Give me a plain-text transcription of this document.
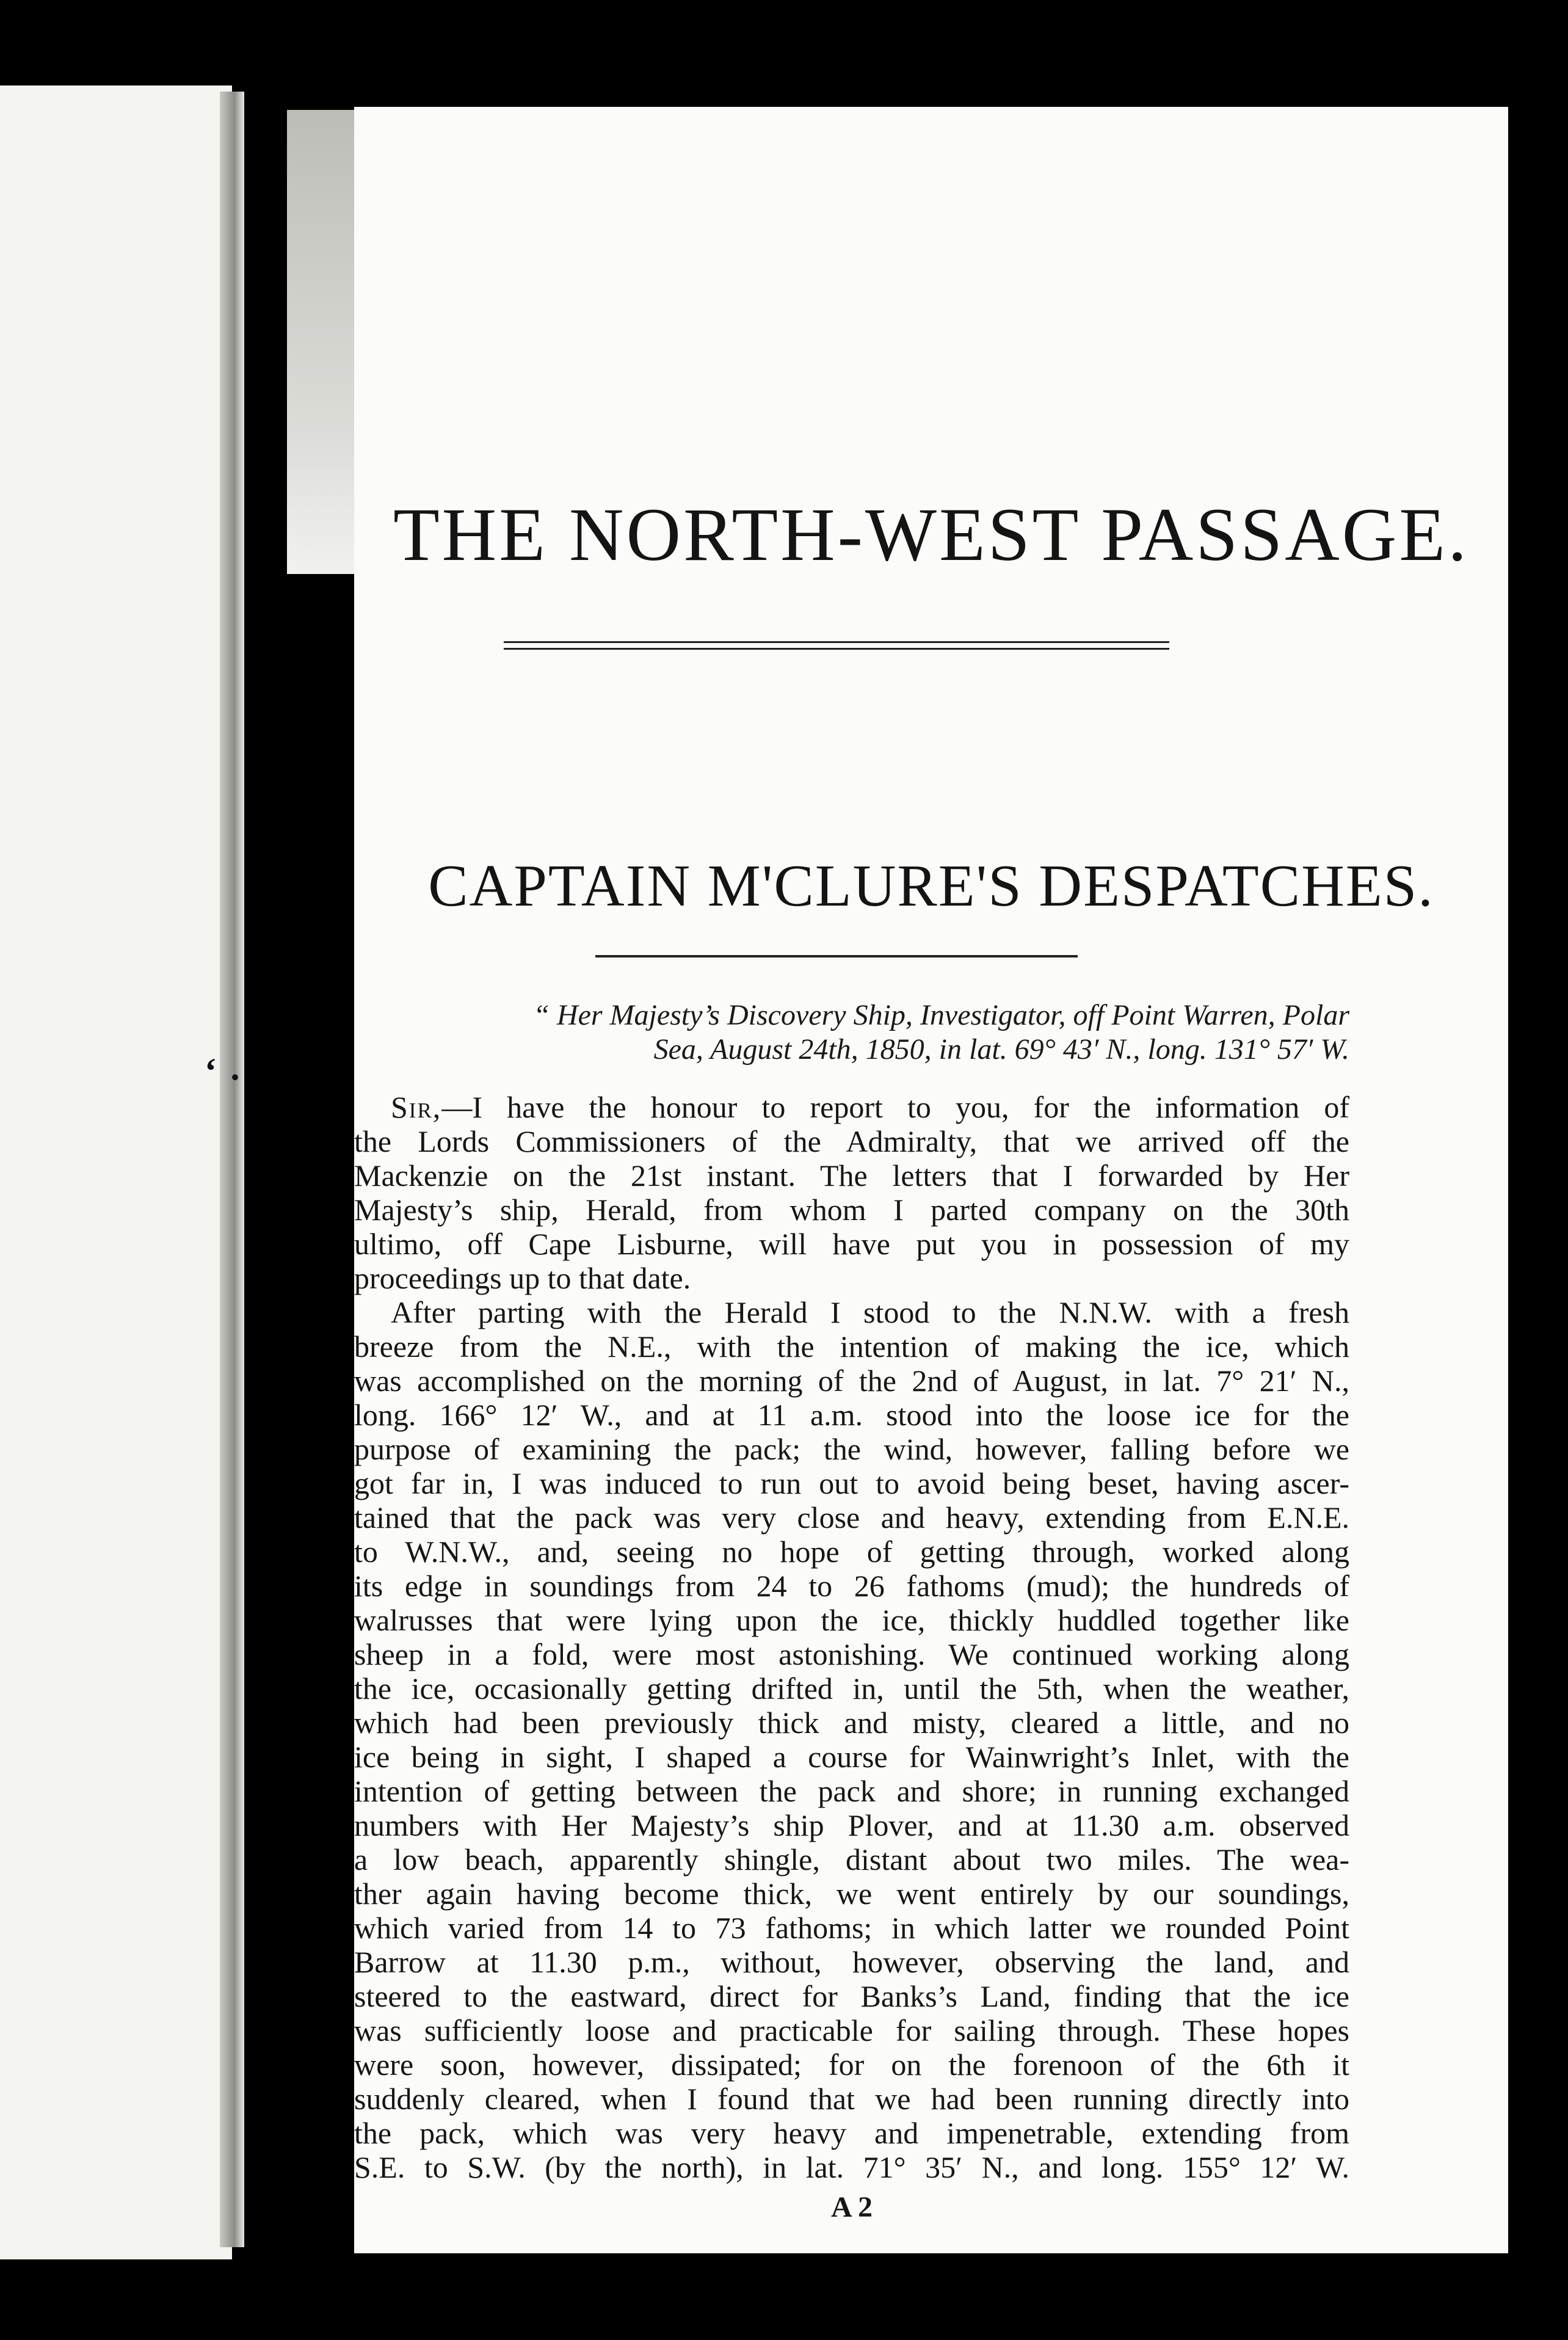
THE NORTH-WEST PASSAGE.
CAPTAIN M'CLURE'S DESPATCHES.
“ Her Majesty’s Discovery Ship, Investigator, off Point Warren, Polar
Sea, August 24th, 1850, in lat. 69° 43′ N., long. 131° 57′ W.
Sir,—I have the honour to report to you, for the information of
the Lords Commissioners of the Admiralty, that we arrived off the
Mackenzie on the 21st instant. The letters that I forwarded by Her
Majesty’s ship, Herald, from whom I parted company on the 30th
ultimo, off Cape Lisburne, will have put you in possession of my
proceedings up to that date.
After parting with the Herald I stood to the N.N.W. with a fresh
breeze from the N.E., with the intention of making the ice, which
was accomplished on the morning of the 2nd of August, in lat. 7° 21′ N.,
long. 166° 12′ W., and at 11 a.m. stood into the loose ice for the
purpose of examining the pack; the wind, however, falling before we
got far in, I was induced to run out to avoid being beset, having ascer-
tained that the pack was very close and heavy, extending from E.N.E.
to W.N.W., and, seeing no hope of getting through, worked along
its edge in soundings from 24 to 26 fathoms (mud); the hundreds of
walrusses that were lying upon the ice, thickly huddled together like
sheep in a fold, were most astonishing. We continued working along
the ice, occasionally getting drifted in, until the 5th, when the weather,
which had been previously thick and misty, cleared a little, and no
ice being in sight, I shaped a course for Wainwright’s Inlet, with the
intention of getting between the pack and shore; in running exchanged
numbers with Her Majesty’s ship Plover, and at 11.30 a.m. observed
a low beach, apparently shingle, distant about two miles. The wea-
ther again having become thick, we went entirely by our soundings,
which varied from 14 to 73 fathoms; in which latter we rounded Point
Barrow at 11.30 p.m., without, however, observing the land, and
steered to the eastward, direct for Banks’s Land, finding that the ice
was sufficiently loose and practicable for sailing through. These hopes
were soon, however, dissipated; for on the forenoon of the 6th it
suddenly cleared, when I found that we had been running directly into
the pack, which was very heavy and impenetrable, extending from
S.E. to S.W. (by the north), in lat. 71° 35′ N., and long. 155° 12′ W.
A 2
ʻ ·
